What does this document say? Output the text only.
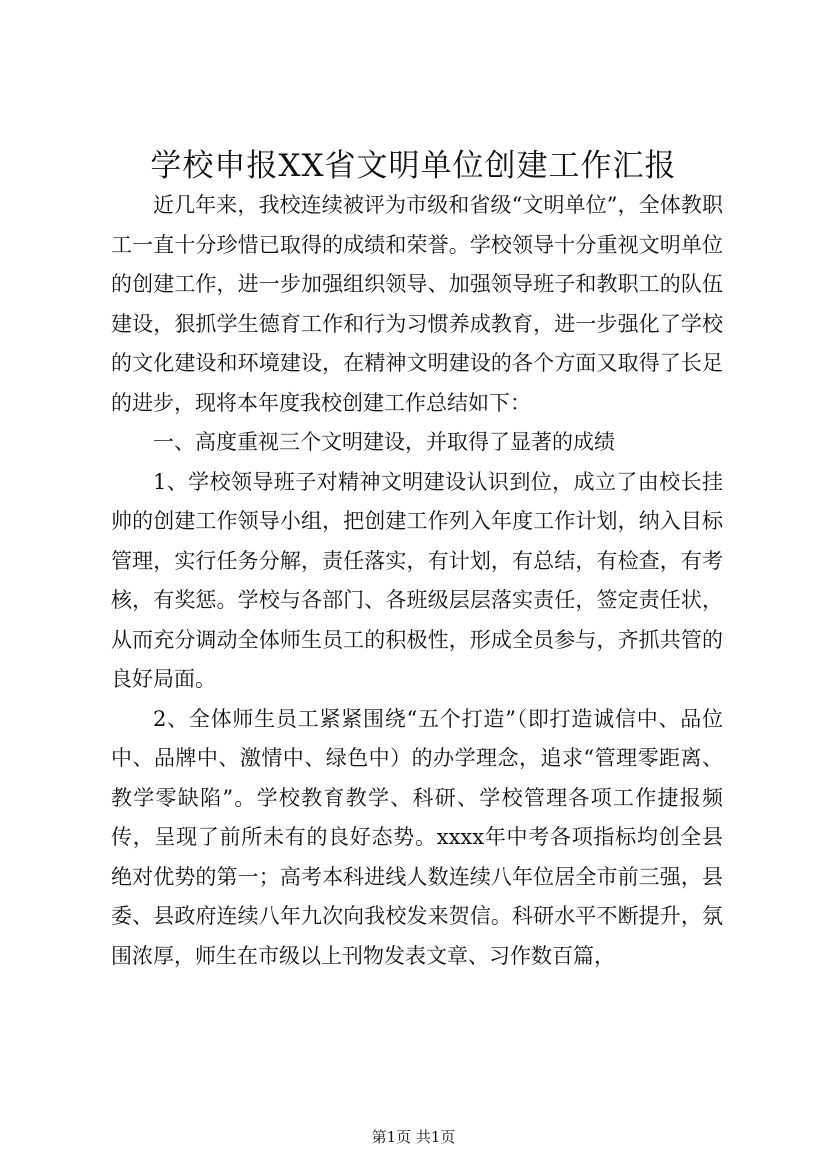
学校申报XX省文明单位创建工作汇报

近几年来，我校连续被评为市级和省级“文明单位”，全体教职工一直十分珍惜已取得的成绩和荣誉。学校领导十分重视文明单位的创建工作，进一步加强组织领导、加强领导班子和教职工的队伍建设，狠抓学生德育工作和行为习惯养成教育，进一步强化了学校的文化建设和环境建设，在精神文明建设的各个方面又取得了长足的进步，现将本年度我校创建工作总结如下：

一、高度重视三个文明建设，并取得了显著的成绩

1、学校领导班子对精神文明建设认识到位，成立了由校长挂帅的创建工作领导小组，把创建工作列入年度工作计划，纳入目标管理，实行任务分解，责任落实，有计划，有总结，有检查，有考核，有奖惩。学校与各部门、各班级层层落实责任，签定责任状，从而充分调动全体师生员工的积极性，形成全员参与，齐抓共管的良好局面。

2、全体师生员工紧紧围绕“五个打造”（即打造诚信中、品位中、品牌中、激情中、绿色中）的办学理念，追求“管理零距离、教学零缺陷”。学校教育教学、科研、学校管理各项工作捷报频传，呈现了前所未有的良好态势。xxxx年中考各项指标均创全县绝对优势的第一；高考本科进线人数连续八年位居全市前三强，县委、县政府连续八年九次向我校发来贺信。科研水平不断提升，氛围浓厚，师生在市级以上刊物发表文章、习作数百篇，

第1页 共1页
